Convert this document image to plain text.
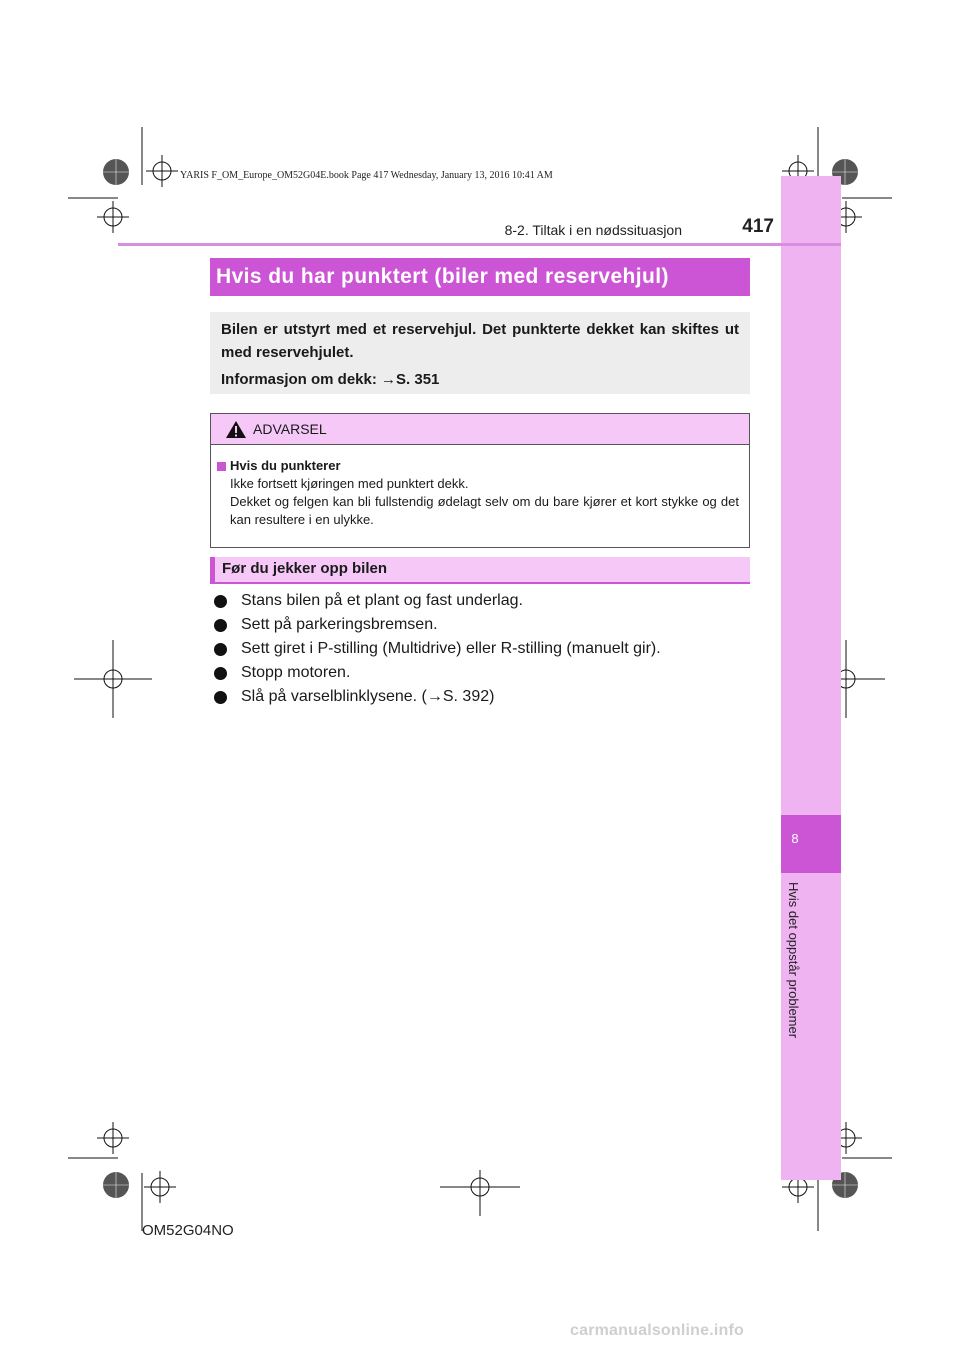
YARIS F_OM_Europe_OM52G04E.book Page 417 Wednesday, January 13, 2016 10:41 AM
8
Hvis det oppstår problemer
8-2. Tiltak i en nødssituasjon	417
Hvis du har punktert (biler med reservehjul)

Bilen er utstyrt med et reservehjul. Det punkterte dekket kan skiftes ut med reservehjulet.

Informasjon om dekk: →S. 351

ADVARSEL
Hvis du punkterer
Ikke fortsett kjøringen med punktert dekk.
Dekket og felgen kan bli fullstendig ødelagt selv om du bare kjører et kort stykke og det kan resultere i en ulykke.
Før du jekker opp bilen
Stans bilen på et plant og fast underlag.
Sett på parkeringsbremsen.
Sett giret i P-stilling (Multidrive) eller R-stilling (manuelt gir).
Stopp motoren.
Slå på varselblinklysene. (→S. 392)
OM52G04NO
carmanualsonline.info
